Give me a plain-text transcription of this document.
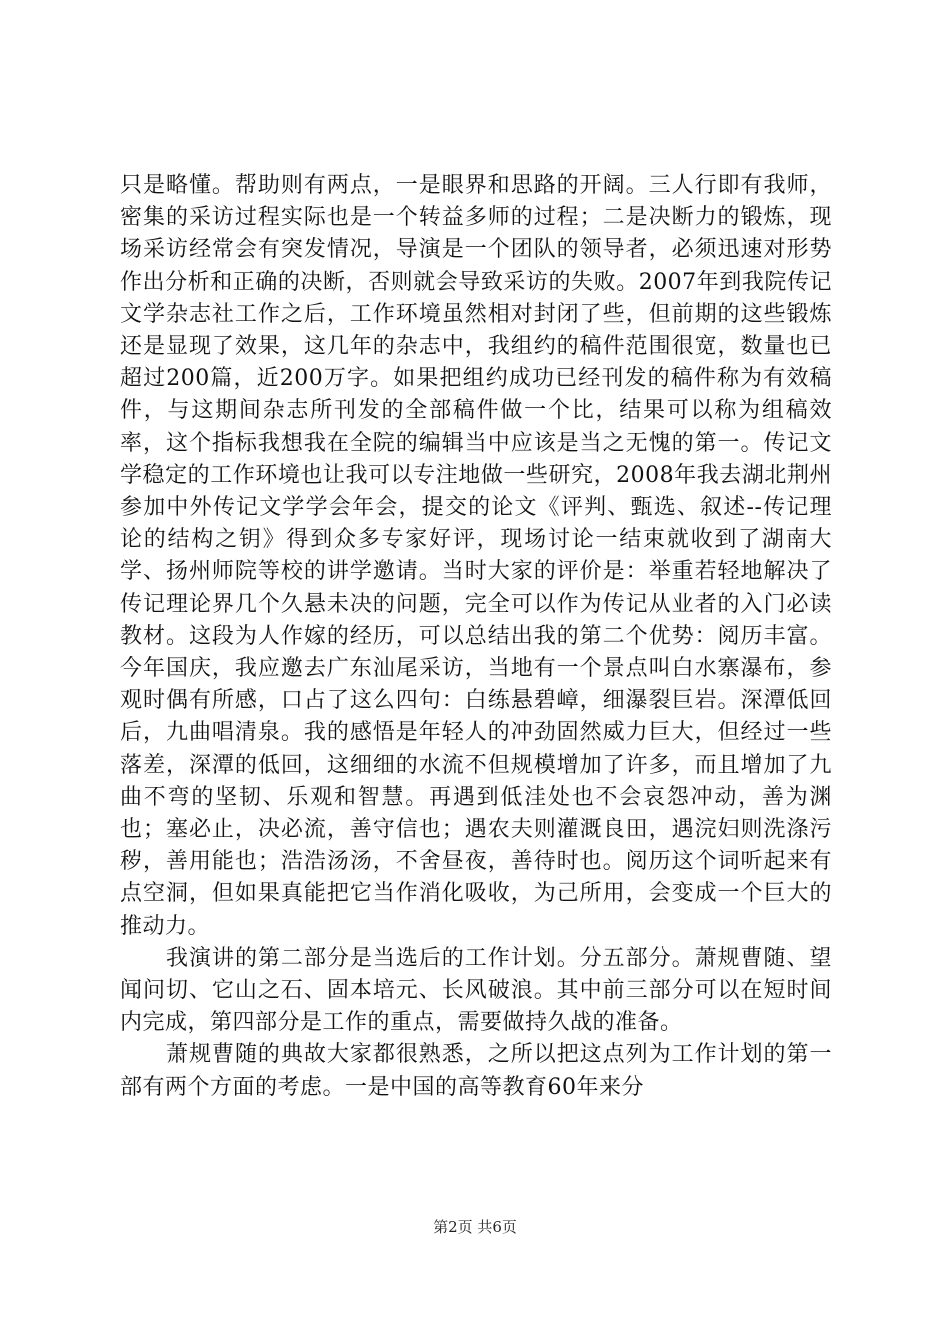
只是略懂。帮助则有两点，一是眼界和思路的开阔。三人行即有我师，密集的采访过程实际也是一个转益多师的过程；二是决断力的锻炼，现场采访经常会有突发情况，导演是一个团队的领导者，必须迅速对形势作出分析和正确的决断，否则就会导致采访的失败。2007年到我院传记文学杂志社工作之后，工作环境虽然相对封闭了些，但前期的这些锻炼还是显现了效果，这几年的杂志中，我组约的稿件范围很宽，数量也已超过200篇，近200万字。如果把组约成功已经刊发的稿件称为有效稿件，与这期间杂志所刊发的全部稿件做一个比，结果可以称为组稿效率，这个指标我想我在全院的编辑当中应该是当之无愧的第一。传记文学稳定的工作环境也让我可以专注地做一些研究，2008年我去湖北荆州参加中外传记文学学会年会，提交的论文《评判、甄选、叙述--传记理论的结构之钥》得到众多专家好评，现场讨论一结束就收到了湖南大学、扬州师院等校的讲学邀请。当时大家的评价是：举重若轻地解决了传记理论界几个久悬未决的问题，完全可以作为传记从业者的入门必读教材。这段为人作嫁的经历，可以总结出我的第二个优势：阅历丰富。今年国庆，我应邀去广东汕尾采访，当地有一个景点叫白水寨瀑布，参观时偶有所感，口占了这么四句：白练悬碧嶂，细瀑裂巨岩。深潭低回后，九曲唱清泉。我的感悟是年轻人的冲劲固然威力巨大，但经过一些落差，深潭的低回，这细细的水流不但规模增加了许多，而且增加了九曲不弯的坚韧、乐观和智慧。再遇到低洼处也不会哀怨冲动，善为渊也；塞必止，决必流，善守信也；遇农夫则灌溉良田，遇浣妇则洗涤污秽，善用能也；浩浩汤汤，不舍昼夜，善待时也。阅历这个词听起来有点空洞，但如果真能把它当作消化吸收，为己所用，会变成一个巨大的推动力。

我演讲的第二部分是当选后的工作计划。分五部分。萧规曹随、望闻问切、它山之石、固本培元、长风破浪。其中前三部分可以在短时间内完成，第四部分是工作的重点，需要做持久战的准备。

萧规曹随的典故大家都很熟悉，之所以把这点列为工作计划的第一部有两个方面的考虑。一是中国的高等教育60年来分

第2页 共6页
